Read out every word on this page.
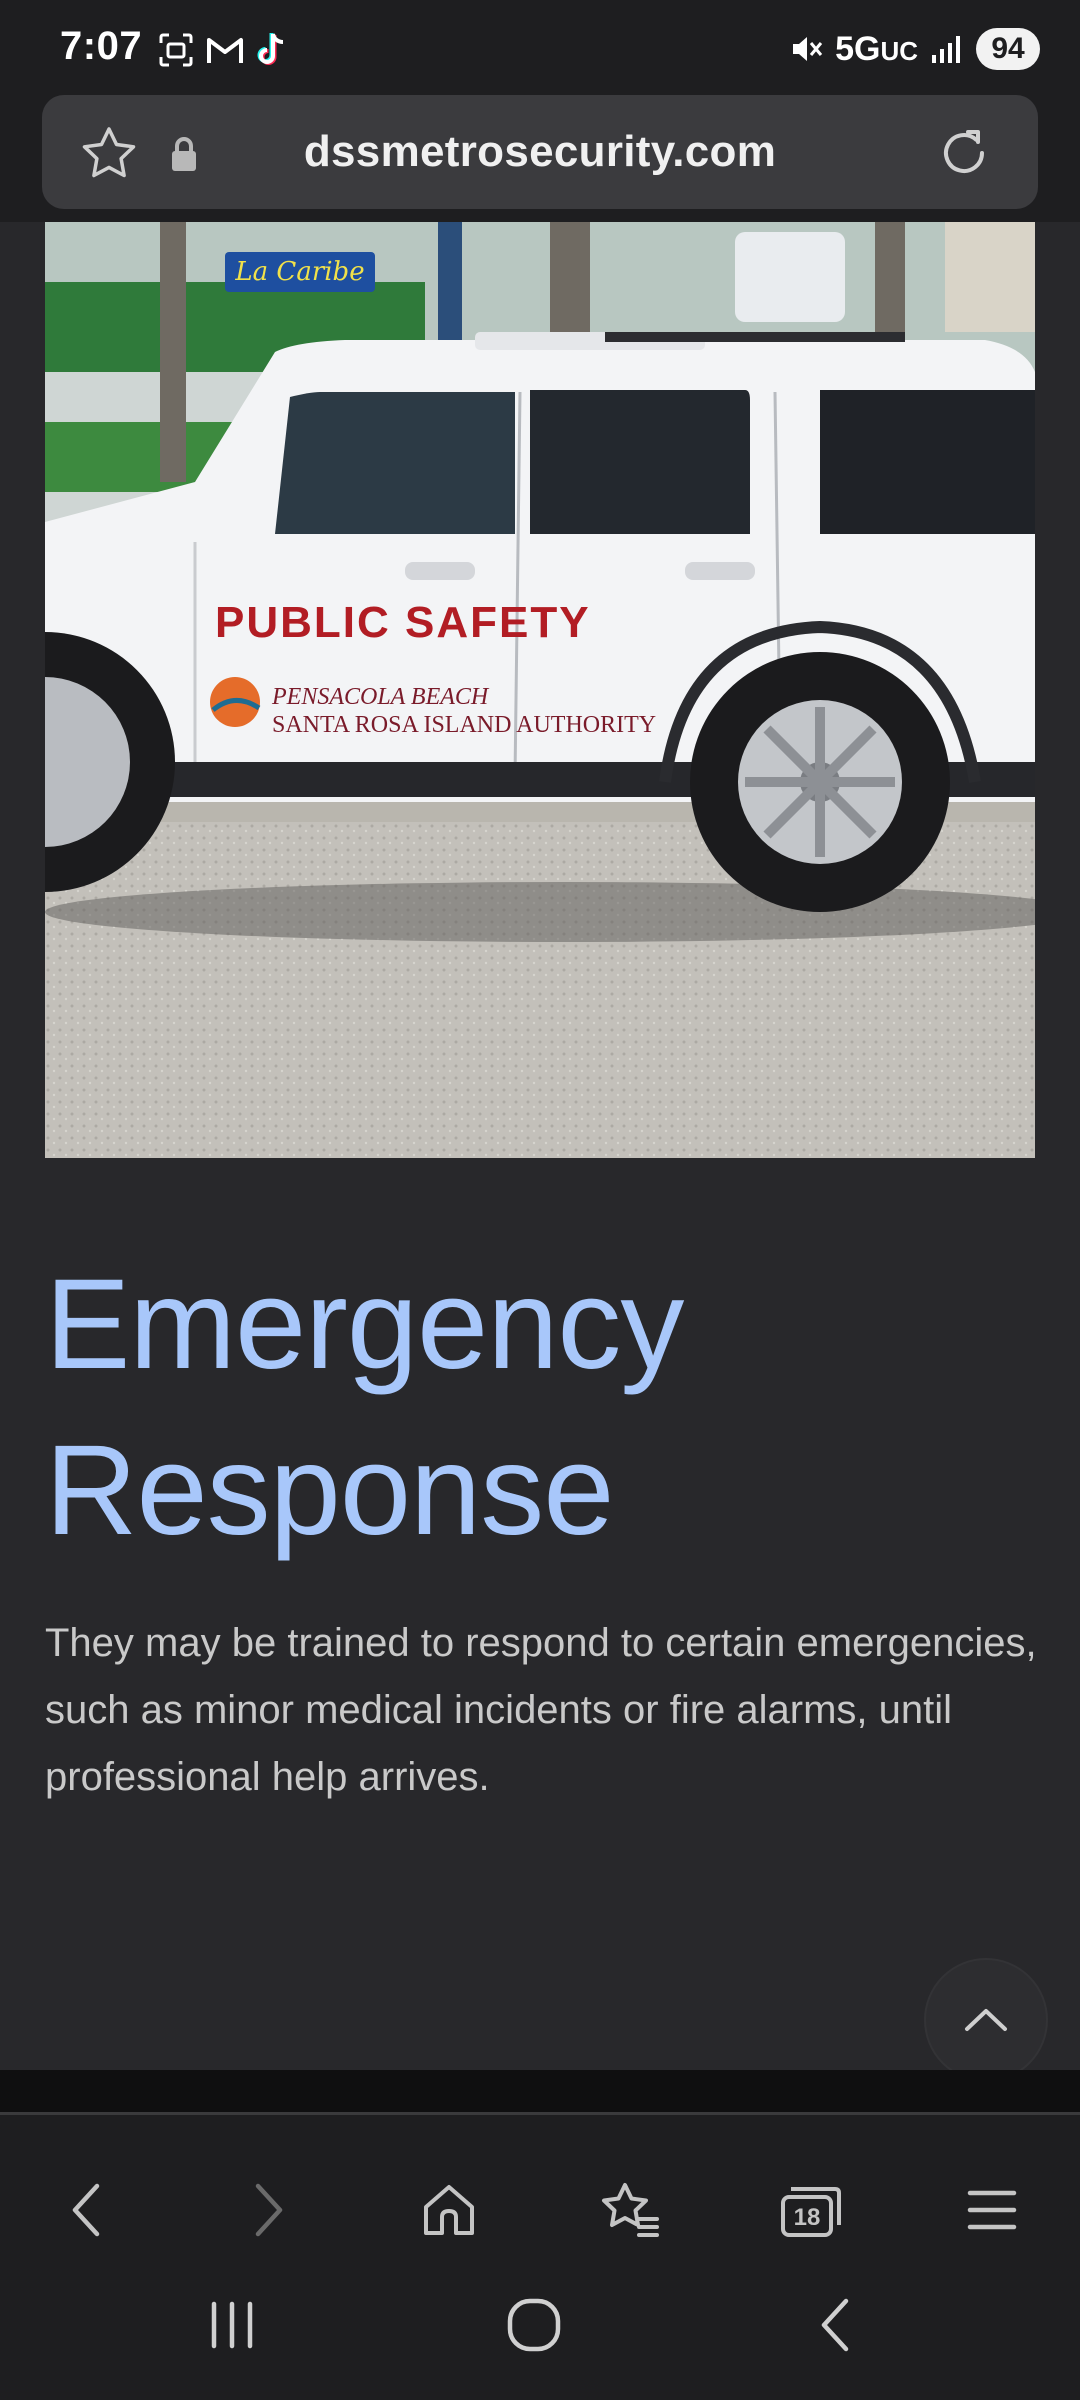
7:07	5GUC	94
dssmetrosecurity.com
La Caribe
PUBLIC SAFETY
PENSACOLA BEACH
SANTA ROSA ISLAND AUTHORITY
Emergency
Response

They may be trained to respond to certain emergencies, such as minor medical incidents or fire alarms, until professional help arrives.

18
